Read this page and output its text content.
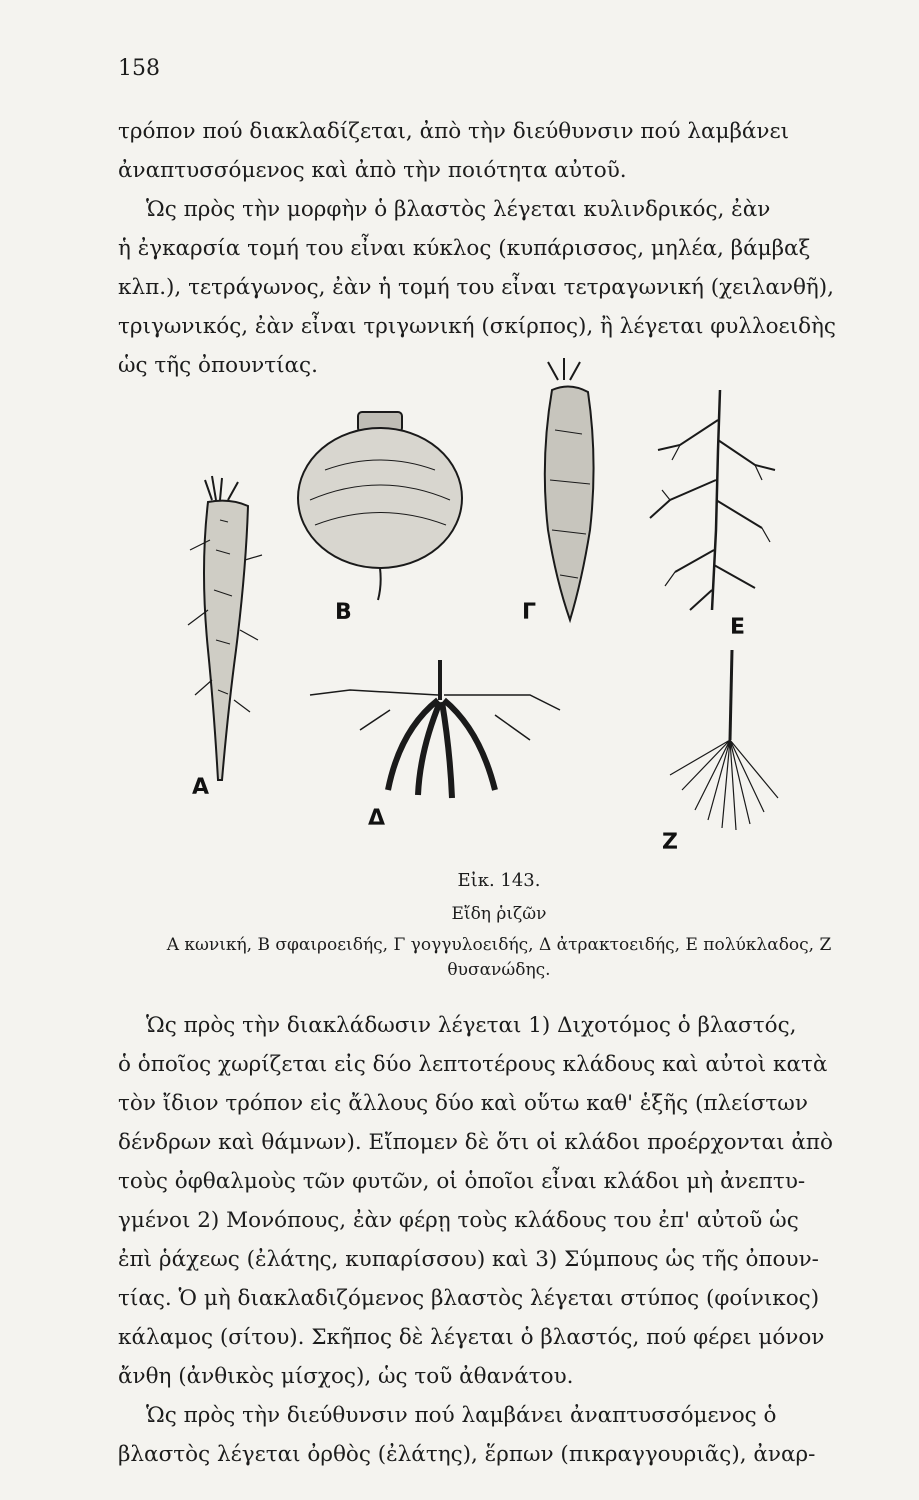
158

τρόπον πού διακλαδίζεται, ἀπὸ τὴν διεύθυνσιν πού λαμβάνει

ἀναπτυσσόμενος καὶ ἀπὸ τὴν ποιότητα αὐτοῦ.

Ὡς πρὸς τὴν μορφὴν ὁ βλαστὸς λέγεται κυλινδρικός, ἐὰν

ἡ ἐγκαρσία τομή του εἶναι κύκλος (κυπάρισσος, μηλέα, βάμβαξ

κλπ.), τετράγωνος, ἐὰν ἡ τομή του εἶναι τετραγωνική (χειλανθῆ),

τριγωνικός, ἐὰν εἶναι τριγωνική (σκίρπος), ἢ λέγεται φυλλοειδὴς

ὡς τῆς ὀπουντίας.

Α
Β	Γ
Δ
Ε
Ζ
Εἰκ. 143.
Εἴδη ῥιζῶν
Α κωνική, Β σφαιροειδής, Γ γογγυλοειδής, Δ ἀτρακτοειδής, Ε πολύκλαδος, Ζ θυσανώδης.

Ὡς πρὸς τὴν διακλάδωσιν λέγεται 1) Διχοτόμος ὁ βλαστός,

ὁ ὁποῖος χωρίζεται εἰς δύο λεπτοτέρους κλάδους καὶ αὐτοὶ κατὰ

τὸν ἴδιον τρόπον εἰς ἄλλους δύο καὶ οὕτω καθ' ἑξῆς (πλείστων

δένδρων καὶ θάμνων). Εἴπομεν δὲ ὅτι οἱ κλάδοι προέρχονται ἀπὸ

τοὺς ὀφθαλμοὺς τῶν φυτῶν, οἱ ὁποῖοι εἶναι κλάδοι μὴ ἀνεπτυ-

γμένοι 2) Μονόπους, ἐὰν φέρῃ τοὺς κλάδους του ἐπ' αὐτοῦ ὡς

ἐπὶ ῥάχεως (ἐλάτης, κυπαρίσσου) καὶ 3) Σύμπους ὡς τῆς ὀπουν-

τίας. Ὁ μὴ διακλαδιζόμενος βλαστὸς λέγεται στύπος (φοίνικος)

κάλαμος (σίτου). Σκῆπος δὲ λέγεται ὁ βλαστός, πού φέρει μόνον

ἄνθη (ἀνθικὸς μίσχος), ὡς τοῦ ἀθανάτου.

Ὡς πρὸς τὴν διεύθυνσιν πού λαμβάνει ἀναπτυσσόμενος ὁ

βλαστὸς λέγεται ὀρθὸς (ἐλάτης), ἕρπων (πικραγγουριᾶς), ἀναρ-
